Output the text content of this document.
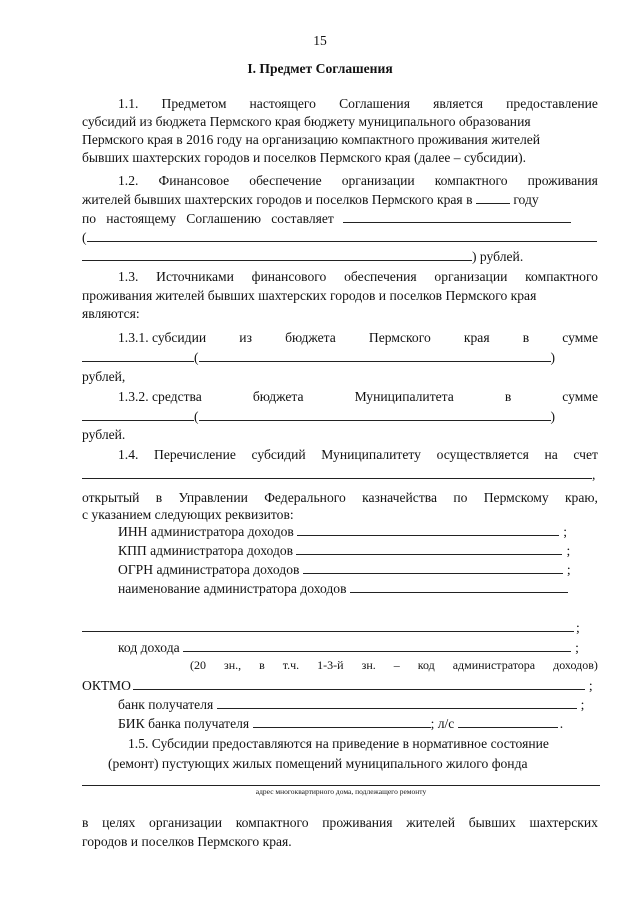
15
I. Предмет Соглашения
1.1. Предметом настоящего Соглашения является предоставление
субсидий из бюджета Пермского края бюджету муниципального образования
Пермского края в 2016 году на организацию компактного проживания жителей
бывших шахтерских городов и поселков Пермского края (далее – субсидии).
1.2. Финансовое обеспечение организации компактного проживания
жителей бывших шахтерских городов и поселков Пермского края в	году
по настоящему Соглашению составляет
(
) рублей.
1.3. Источниками финансового обеспечения организации компактного
проживания жителей бывших шахтерских городов и поселков Пермского края
являются:
1.3.1. субсидии из бюджета Пермского края в сумме
(	)
рублей,
1.3.2. средства	бюджета	Муниципалитета	в	сумме
(	)
рублей.
1.4. Перечисление субсидий Муниципалитету осуществляется на счет
,
открытый в Управлении Федерального казначейства по Пермскому краю,
с указанием следующих реквизитов:
ИНН администратора доходов	;
КПП администратора доходов	;
ОГРН администратора доходов	;
наименование администратора доходов
;
код дохода	;
(20 зн., в т.ч. 1-3-й зн. – код администратора доходов)
ОКТМО	;
банк получателя	;
БИК банка получателя	; л/с	.
1.5. Субсидии предоставляются на приведение в нормативное состояние
(ремонт) пустующих жилых помещений муниципального жилого фонда
адрес многоквартирного дома, подлежащего ремонту
в целях организации компактного проживания жителей бывших шахтерских
городов и поселков Пермского края.
